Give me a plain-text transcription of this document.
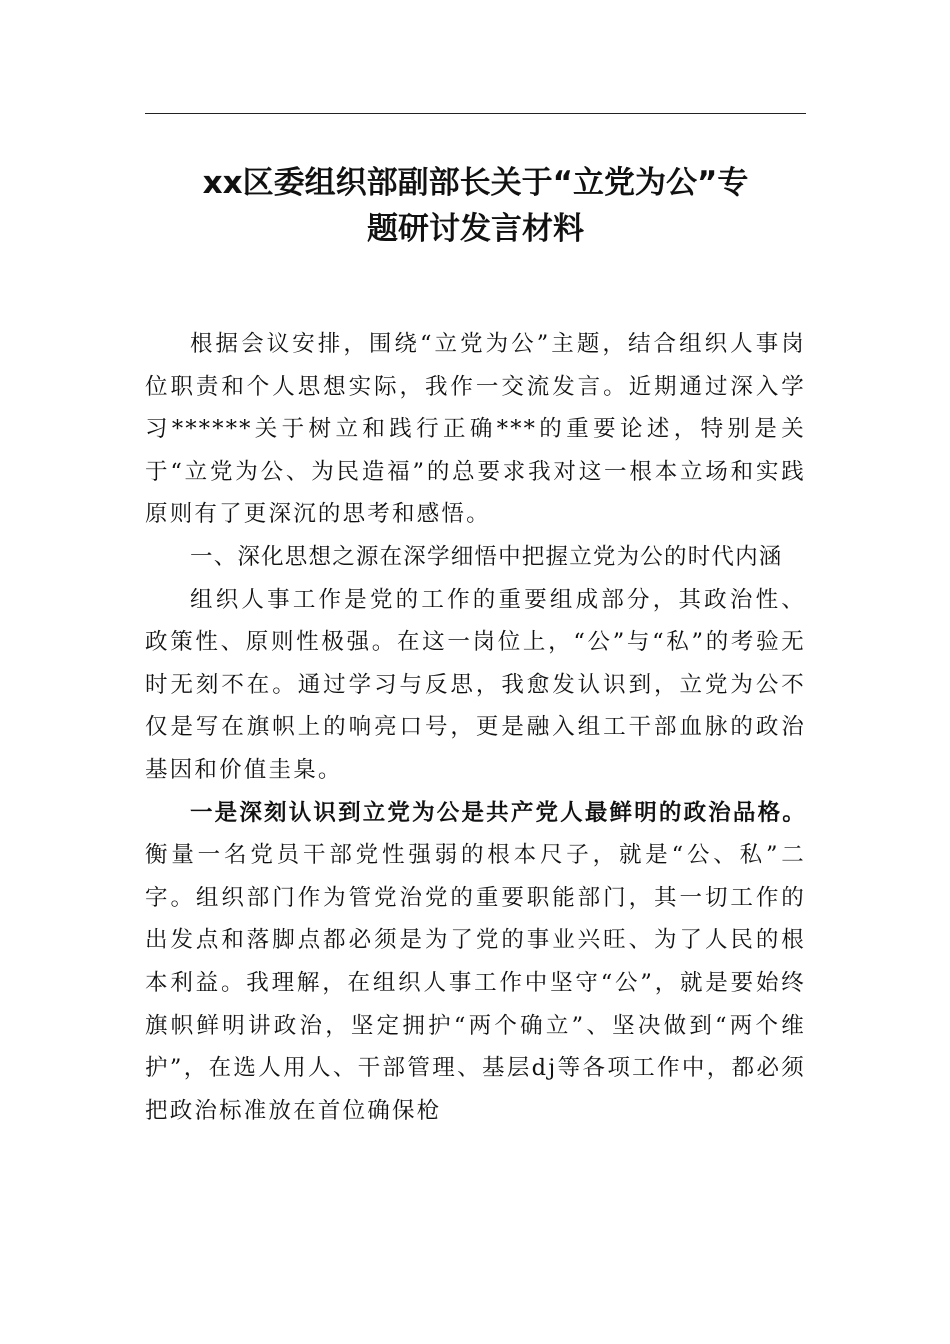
xx区委组织部副部长关于“立党为公”专
题研讨发言材料

根据会议安排，围绕“立党为公”主题，结合组织人事岗位职责和个人思想实际，我作一交流发言。近期通过深入学习******关于树立和践行正确***的重要论述，特别是关于“立党为公、为民造福”的总要求我对这一根本立场和实践原则有了更深沉的思考和感悟。

一、深化思想之源在深学细悟中把握立党为公的时代内涵

组织人事工作是党的工作的重要组成部分，其政治性、政策性、原则性极强。在这一岗位上，“公”与“私”的考验无时无刻不在。通过学习与反思，我愈发认识到，立党为公不仅是写在旗帜上的响亮口号，更是融入组工干部血脉的政治基因和价值圭臬。

一是深刻认识到立党为公是共产党人最鲜明的政治品格。衡量一名党员干部党性强弱的根本尺子，就是“公、私”二字。组织部门作为管党治党的重要职能部门，其一切工作的出发点和落脚点都必须是为了党的事业兴旺、为了人民的根本利益。我理解，在组织人事工作中坚守“公”，就是要始终旗帜鲜明讲政治，坚定拥护“两个确立”、坚决做到“两个维护”，在选人用人、干部管理、基层dj等各项工作中，都必须把政治标准放在首位确保枪
